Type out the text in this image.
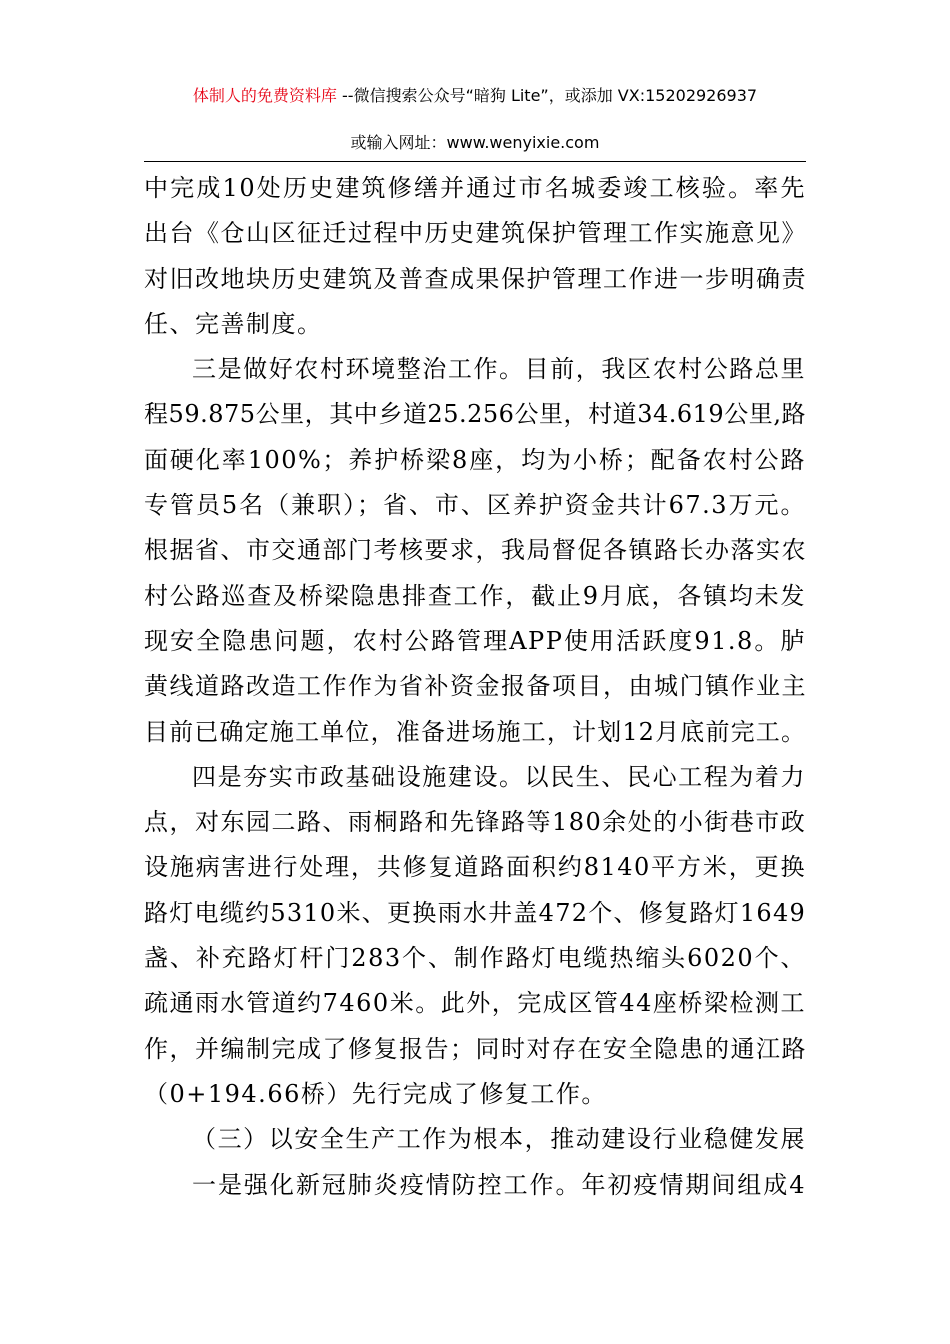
体制人的免费资料库 --微信搜索公众号“暗狗 Lite”，或添加 VX:15202926937
或输入网址：www.wenyixie.com
中完成10处历史建筑修缮并通过市名城委竣工核验。率先
出台《仓山区征迁过程中历史建筑保护管理工作实施意见》
对旧改地块历史建筑及普查成果保护管理工作进一步明确责
任、完善制度。
三是做好农村环境整治工作。目前，我区农村公路总里
程59.875公里，其中乡道25.256公里，村道34.619公里,路
面硬化率100%；养护桥梁8座，均为小桥；配备农村公路
专管员5名（兼职）；省、市、区养护资金共计67.3万元。
根据省、市交通部门考核要求，我局督促各镇路长办落实农
村公路巡查及桥梁隐患排查工作，截止9月底，各镇均未发
现安全隐患问题，农村公路管理APP使用活跃度91.8。胪
黄线道路改造工作作为省补资金报备项目，由城门镇作业主
目前已确定施工单位，准备进场施工，计划12月底前完工。
四是夯实市政基础设施建设。以民生、民心工程为着力
点，对东园二路、雨桐路和先锋路等180余处的小街巷市政
设施病害进行处理，共修复道路面积约8140平方米，更换
路灯电缆约5310米、更换雨水井盖472个、修复路灯1649
盏、补充路灯杆门283个、制作路灯电缆热缩头6020个、
疏通雨水管道约7460米。此外，完成区管44座桥梁检测工
作，并编制完成了修复报告；同时对存在安全隐患的通江路
（0+194.66桥）先行完成了修复工作。
（三）以安全生产工作为根本，推动建设行业稳健发展
一是强化新冠肺炎疫情防控工作。年初疫情期间组成4
